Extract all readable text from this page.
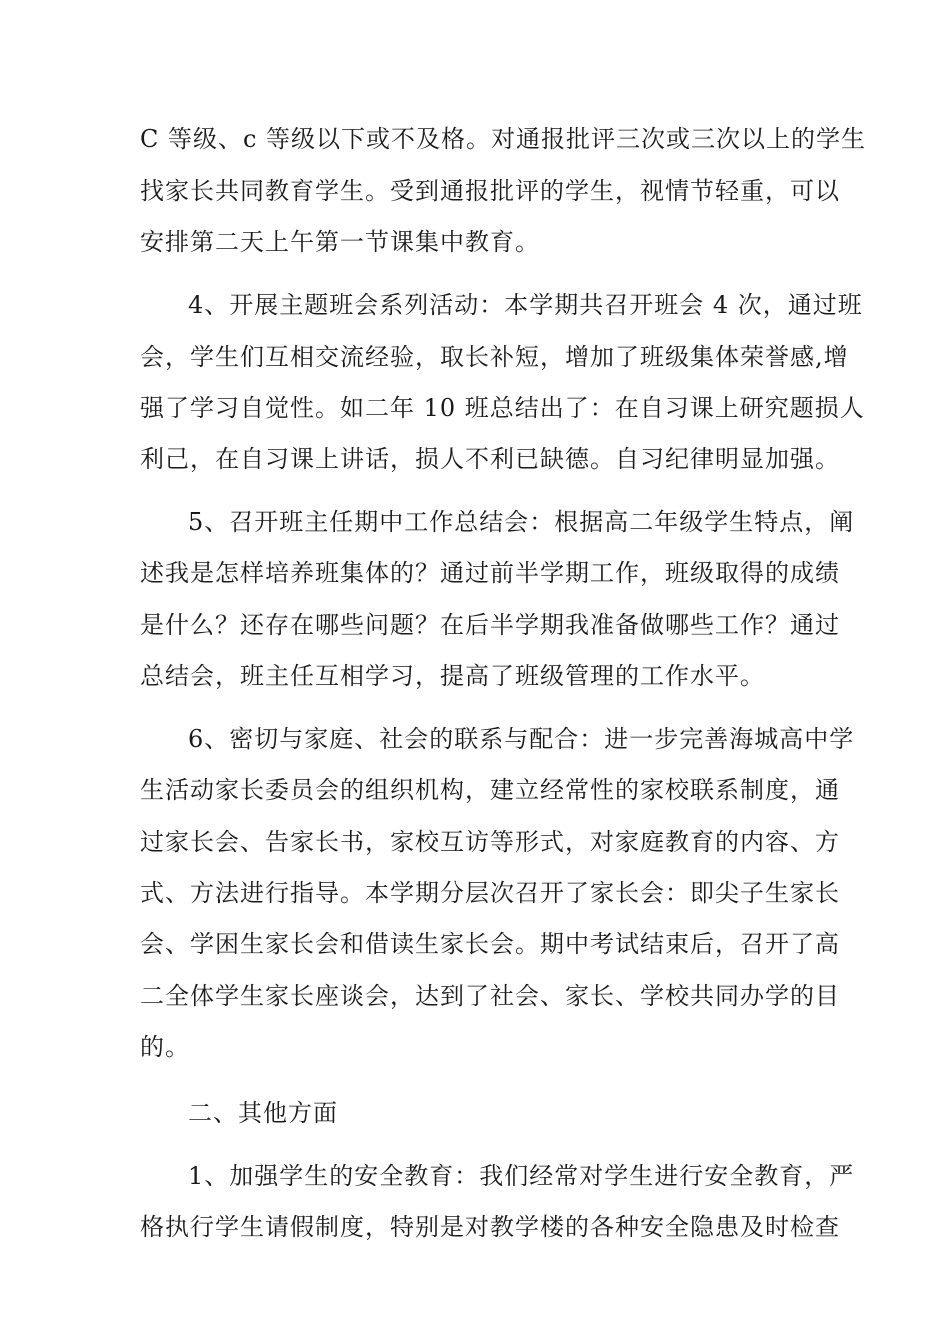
C 等级、c 等级以下或不及格。对通报批评三次或三次以上的学生
找家长共同教育学生。受到通报批评的学生，视情节轻重，可以
安排第二天上午第一节课集中教育。
4、开展主题班会系列活动：本学期共召开班会 4 次，通过班
会，学生们互相交流经验，取长补短，增加了班级集体荣誉感,增
强了学习自觉性。如二年 10 班总结出了：在自习课上研究题损人
利己，在自习课上讲话，损人不利已缺德。自习纪律明显加强。
5、召开班主任期中工作总结会：根据高二年级学生特点，阐
述我是怎样培养班集体的？通过前半学期工作，班级取得的成绩
是什么？还存在哪些问题？在后半学期我准备做哪些工作？通过
总结会，班主任互相学习，提高了班级管理的工作水平。
6、密切与家庭、社会的联系与配合：进一步完善海城高中学
生活动家长委员会的组织机构，建立经常性的家校联系制度，通
过家长会、告家长书，家校互访等形式，对家庭教育的内容、方
式、方法进行指导。本学期分层次召开了家长会：即尖子生家长
会、学困生家长会和借读生家长会。期中考试结束后，召开了高
二全体学生家长座谈会，达到了社会、家长、学校共同办学的目
的。
二、其他方面
1、加强学生的安全教育：我们经常对学生进行安全教育，严
格执行学生请假制度，特别是对教学楼的各种安全隐患及时检查
